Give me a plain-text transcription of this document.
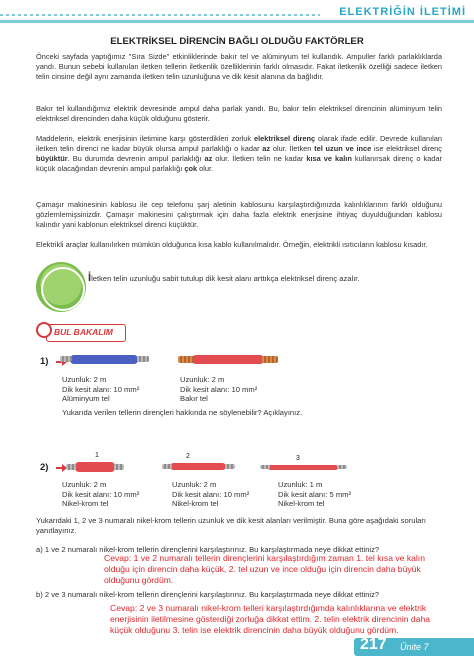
ELEKTRİĞİN İLETİMİ
ELEKTRİKSEL DİRENCİN BAĞLI OLDUĞU FAKTÖRLER
Önceki sayfada yaptığımız "Sıra Sizde" etkinliklerinde bakır tel ve alüminyum tel kullandık. Ampuller farklı parlaklıklarda yandı. Bunun sebebi kullanılan iletken tellerin iletkenlik özelliklerinin farklı olmasıdır. Fakat iletkenlik özelliği sadece iletken telin cinsine değil aynı zamanda iletken telin uzunluğuna ve dik kesit alanına da bağlıdır.
Bakır tel kullandığımız elektrik devresinde ampul daha parlak yandı. Bu, bakır telin elektriksel direncinin alüminyum telin elektriksel direncinden daha küçük olduğunu gösterir.
Maddelerin, elektrik enerjisinin iletimine karşı gösterdikleri zorluk elektriksel direnç olarak ifade edilir. Devrede kullanılan iletken telin direnci ne kadar büyük olursa ampul parlaklığı o kadar az olur. İletken tel uzun ve ince ise elektriksel direnç büyüktür. Bu durumda devrenin ampul parlaklığı az olur. İletken telin ne kadar kısa ve kalın kullanırsak direnç o kadar küçük olacağından devrenin ampul parlaklığı çok olur.
Çamaşır makinesinin kablosu ile cep telefonu şarj aletinin kablosunu karşılaştırdığınızda kalınlıklarının farklı olduğunu gözlemlemişsinizdir. Çamaşır makinesini çalıştırmak için daha fazla elektrik enerjisine ihtiyaç duyulduğundan kablosu kalındır yani kablonun elektriksel direnci küçüktür.
Elektrikli araçlar kullanılırken mümkün olduğunca kısa kablo kullanılmalıdır. Örneğin, elektrikli ısıtıcıların kablosu kısadır.
İletken telin uzunluğu sabit tutulup dik kesit alanı arttıkça elektriksel direnç azalır.
BUL BAKALIM
1)
Uzunluk: 2 m
Dik kesit alanı: 10 mm²
Alüminyum tel
Uzunluk: 2 m
Dik kesit alanı: 10 mm²
Bakır tel
Yukarıda verilen tellerin dirençleri hakkında ne söylenebilir? Açıklayınız.
2)
1	2	3
Uzunluk: 2 m
Dik kesit alanı: 10 mm²
Nikel-krom tel
Uzunluk: 2 m
Dik kesit alanı: 10 mm²
Nikel-krom tel
Uzunluk: 1 m
Dik kesit alanı: 5 mm²
Nikel-krom tel
Yukarıdaki 1, 2 ve 3 numaralı nikel-krom tellerin uzunluk ve dik kesit alanları verilmiştir. Buna göre aşağıdaki soruları yanıtlayınız.
a) 1 ve 2 numaralı nikel-krom tellerin dirençlerini karşılaştırınız. Bu karşılaştırmada neye dikkat ettiniz?
Cevap: 1 ve 2 numaralı tellerin dirençlerini karşılaştırdığım zaman 1. tel kısa ve kalın olduğu için direncin daha küçük, 2. tel uzun ve ince olduğu için direncin daha büyük olduğunu gördüm.
b) 2 ve 3 numaralı nikel-krom tellerin dirençlerini karşılaştırınız. Bu karşılaştırmada neye dikkat ettiniz?
Cevap: 2 ve 3 numaralı nikel-krom telleri karşılaştırdığımda kalınlıklarına ve elektrik enerjisinin iletilmesine gösterdiği zorluğa dikkat ettim. 2. telin elektrik direncinin daha küçük olduğunu 3. telin ise elektrik direncinin daha büyük olduğunu gördüm.
217 Ünite 7
